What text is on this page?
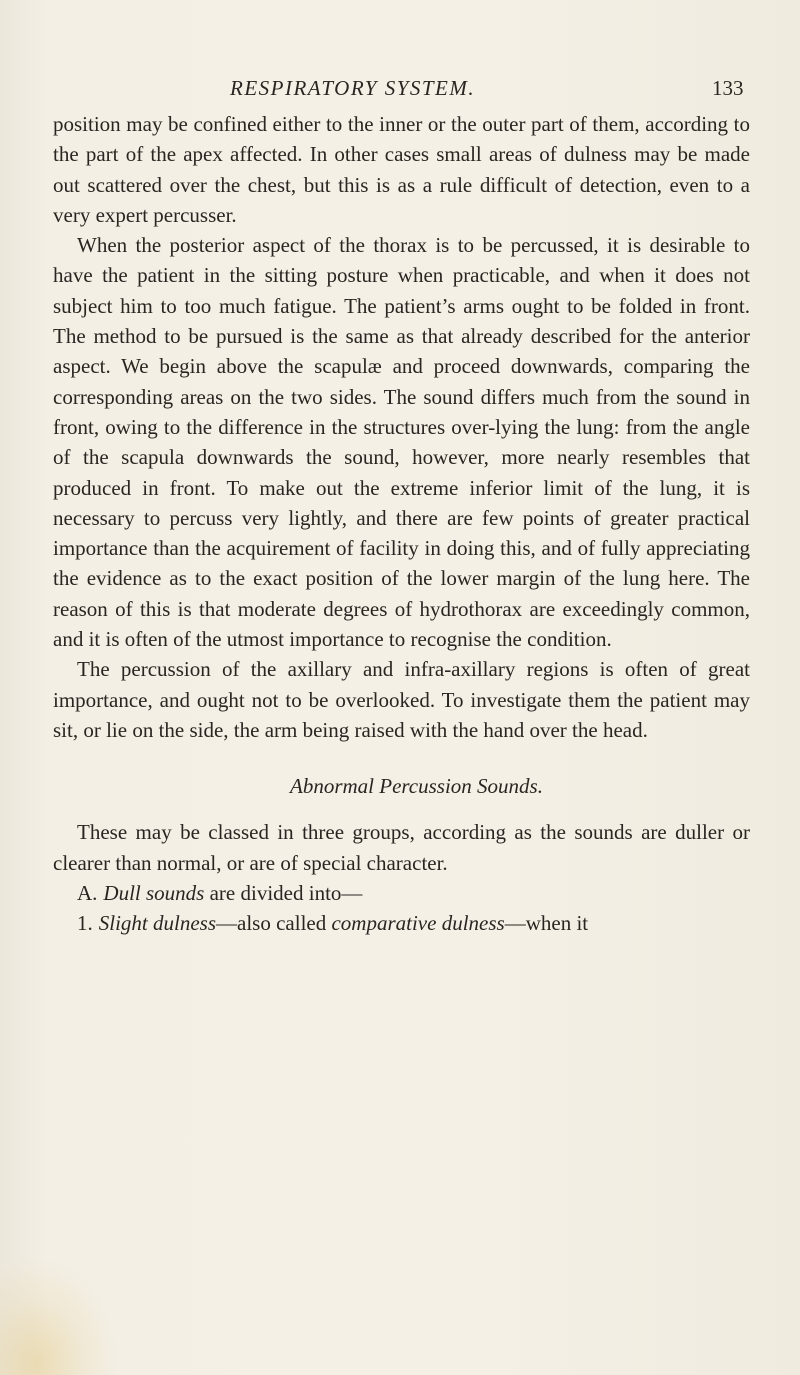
RESPIRATORY SYSTEM.	133

position may be confined either to the inner or the outer part of them, according to the part of the apex affected. In other cases small areas of dulness may be made out scattered over the chest, but this is as a rule difficult of detection, even to a very expert percusser.

When the posterior aspect of the thorax is to be percussed, it is desirable to have the patient in the sitting posture when practicable, and when it does not subject him to too much fatigue. The patient’s arms ought to be folded in front. The method to be pursued is the same as that already described for the anterior aspect. We begin above the scapulæ and proceed downwards, comparing the corresponding areas on the two sides. The sound differs much from the sound in front, owing to the difference in the structures over-lying the lung: from the angle of the scapula downwards the sound, however, more nearly resembles that produced in front. To make out the extreme inferior limit of the lung, it is necessary to percuss very lightly, and there are few points of greater practical importance than the acquirement of facility in doing this, and of fully appreciating the evidence as to the exact position of the lower margin of the lung here. The reason of this is that moderate degrees of hydrothorax are exceedingly common, and it is often of the utmost importance to recognise the condition.

The percussion of the axillary and infra-axillary regions is often of great importance, and ought not to be overlooked. To investigate them the patient may sit, or lie on the side, the arm being raised with the hand over the head.

Abnormal Percussion Sounds.

These may be classed in three groups, according as the sounds are duller or clearer than normal, or are of special character.

A. Dull sounds are divided into—

1. Slight dulness—also called comparative dulness—when it
